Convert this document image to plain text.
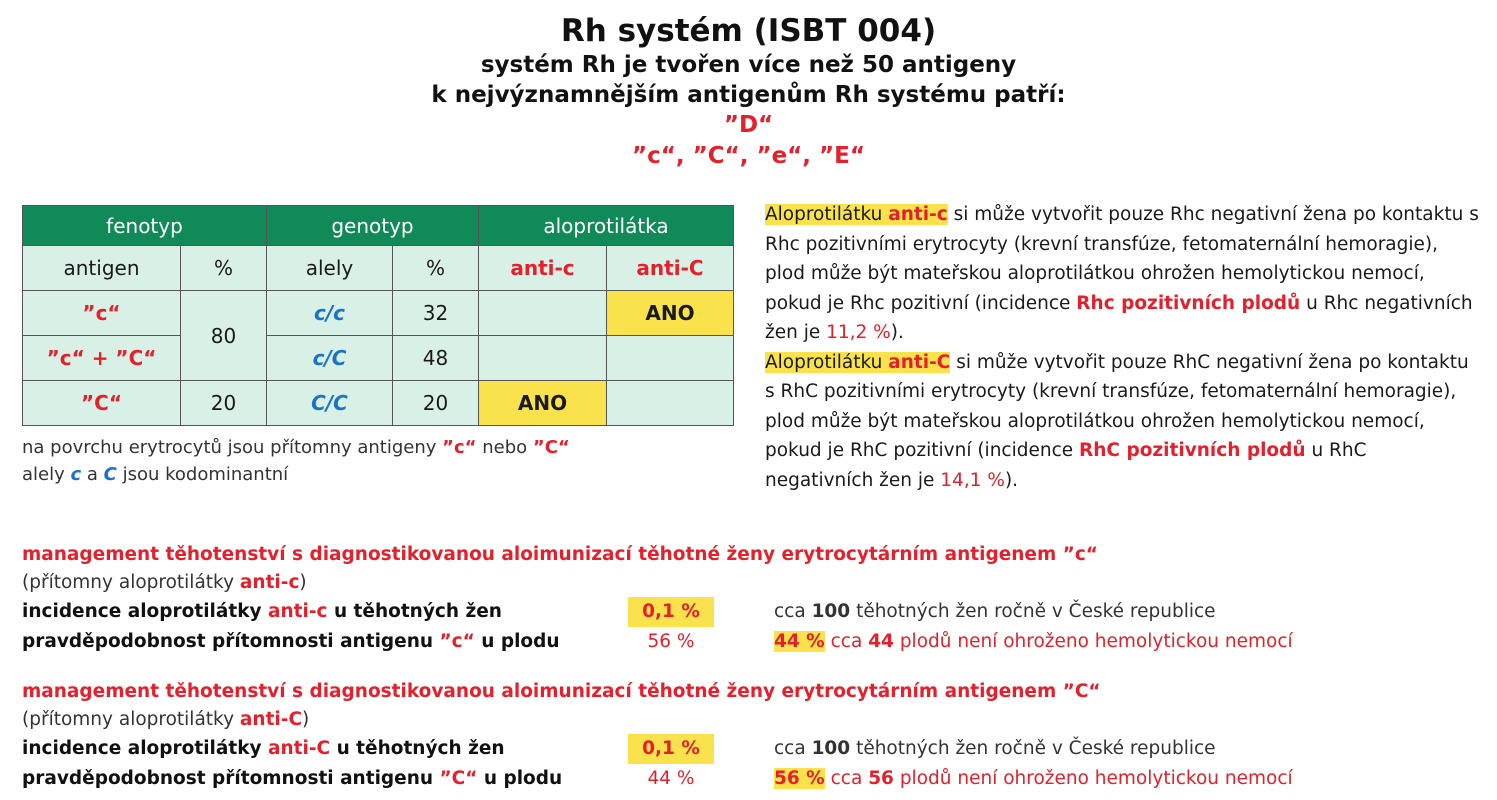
Rh systém (ISBT 004)
systém Rh je tvořen více než 50 antigeny
k nejvýznamnějším antigenům Rh systému patří:
”D“
”c“, ”C“, ”e“, ”E“
fenotyp		genotyp		aloprotilátka	
antigen	%	alely	%	anti-c	anti-C
”c“	80	c/c	32		ANO
”c“ + ”C“		c/C	48		
”C“	20	C/C	20	ANO	
na povrchu erytrocytů jsou přítomny antigeny ”c“ nebo ”C“
alely c a C jsou kodominantní

Aloprotilátku anti-c si může vytvořit pouze Rhc negativní žena po kontaktu s Rhc pozitivními erytrocyty (krevní transfúze, fetomaternální hemoragie), plod může být mateřskou aloprotilátkou ohrožen hemolytickou nemocí, pokud je Rhc pozitivní (incidence Rhc pozitivních plodů u Rhc negativních žen je 11,2 %).

Aloprotilátku anti-C si může vytvořit pouze RhC negativní žena po kontaktu s RhC pozitivními erytrocyty (krevní transfúze, fetomaternální hemoragie), plod může být mateřskou aloprotilátkou ohrožen hemolytickou nemocí, pokud je RhC pozitivní (incidence RhC pozitivních plodů u RhC negativních žen je 14,1 %).

management těhotenství s diagnostikovanou aloimunizací těhotné ženy erytrocytárním antigenem ”c“
(přítomny aloprotilátky anti-c)
incidence aloprotilátky anti-c u těhotných žen	0,1 %	cca 100 těhotných žen ročně v České republice
pravděpodobnost přítomnosti antigenu ”c“ u plodu	56 %	44 % cca 44 plodů není ohroženo hemolytickou nemocí
management těhotenství s diagnostikovanou aloimunizací těhotné ženy erytrocytárním antigenem ”C“
(přítomny aloprotilátky anti-C)
incidence aloprotilátky anti-C u těhotných žen	0,1 %	cca 100 těhotných žen ročně v České republice
pravděpodobnost přítomnosti antigenu ”C“ u plodu	44 %	56 % cca 56 plodů není ohroženo hemolytickou nemocí
